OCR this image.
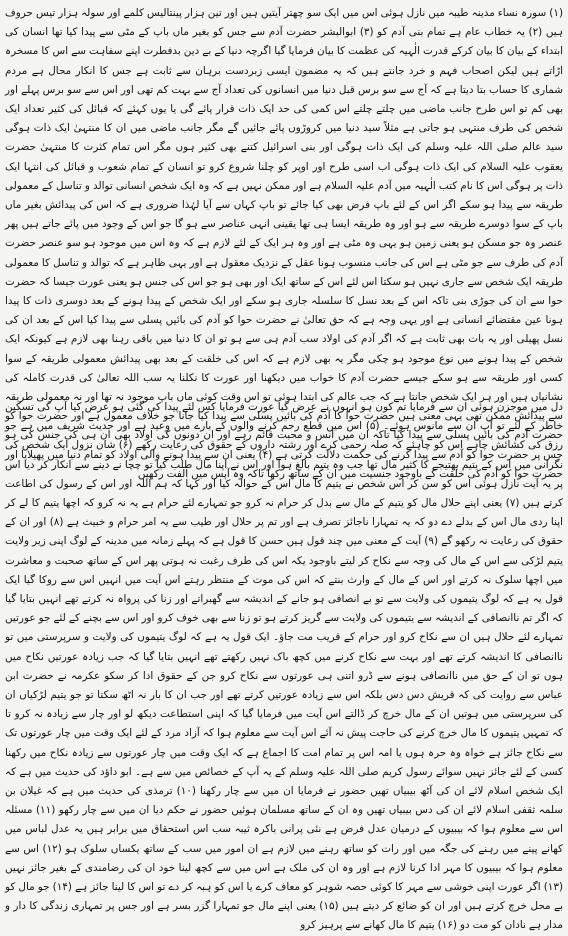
(۱) سورہ نساء مدینہ طیبہ میں نازل ہوئی اس میں ایک سو چھتر آیتیں ہیں اور تین ہزار پینتالیس کلمے اور سولہ ہزار تیس حروف ہیں (۲) یہ خطاب عام ہے تمام بنی آدم کو (۳) ابوالبشر حضرت آدم سے جس کو بغیر ماں باپ کے مٹی سے پیدا کیا تھا انسان کی ابتداء کے بیان کا بیان کرکے قدرت الٰہیہ کی عظمت کا بیان فرمایا گیا اگرچہ دنیا کے بے دین بدفطرت اپنے سفاہت سے اس کا مسخرہ اڑاتے ہیں لیکن اصحاب فہم و خرد جانتے ہیں کہ یہ مضمون ایسی زبردست برہان سے ثابت ہے جس کا انکار محال ہے مردم شماری کا حساب بتا دیتا ہے کہ آج سے سو برس قبل دنیا میں انسانوں کی تعداد آج سے بہت کم تھی اور اس سے سو برس پہلے اور بھی کم تو اس طرح جانب ماضی میں چلتے چلتے اس کمی کی حد ایک ذات قرار پائے گی یا یوں کہئے کہ قبائل کی کثیر تعداد ایک شخص کی طرف منتہی ہو جاتی ہے مثلاً سید دنیا میں کروڑوں پائے جائیں گے مگر جانب ماضی میں ان کا منتہیٰ ایک ذات ہوگی سید عالم صلی اللہ علیہ وسلم کی ایک ذات ہوگی اور بنی اسرائیل کتنے بھی کثیر ہوں مگر اس تمام کثرت کا منتہیٰ حضرت یعقوب علیہ السلام کی ایک ذات ہوگی اب اسی طرح اور اوپر کو چلنا شروع کرو تو انسان کے تمام شعوب و قبائل کی انتہا ایک ذات پر ہوگی اس کا نام کتب الٰہیہ میں آدم علیہ السلام ہے اور ممکن نہیں ہے کہ وہ ایک شخص انسانی توالد و تناسل کے معمولی طریقہ سے پیدا ہو سکے اگر اس کے لئے باپ فرض بھی کیا جائے تو باپ کہاں سے آیا لہٰذا ضروری ہے کہ اس کی پیدائش بغیر ماں باپ کے سوا دوسرے طریقہ سے ہو اور وہ طریقہ ایسا ہی تھا یقینی انہی عناصر سے ہو گا جو اس کے وجود میں پائے جاتے ہیں پھر عنصر وہ جو مسکن ہو یعنی زمین ہو یہی وہ مٹی ہے اور وہ ہر ایک کے لئے لازم ہے کہ وہ اس میں موجود ہو سو عنصر حضرت آدم کی طرف سے جو مٹی ہے اس کی جانب منسوب ہونا عقل کے نزدیک معقول ہے اور یہی ظاہر ہے کہ توالد و تناسل کا معمولی طریقہ ایک شخص سے جاری نہیں ہو سکتا اس لئے اس کے ساتھ ایک اور بھی ہو جو اس کی جنس ہو یعنی عورت جیسا کہ حضرت حوا سے ان کی جوڑی بنی تاکہ اس کے بعد نسل کا سلسلہ جاری ہو سکے اور ایک شخص کے پیدا ہونے کے بعد دوسری ذات کا پیدا ہونا عین مقتضائے انسانی ہے اور یہی وجہ ہے کہ حق تعالیٰ نے حضرت حوا کو آدم کی بائیں پسلی سے پیدا کیا اس کے بعد ان کی نسل پھیلی اور یہ بات بھی ثابت ہے کہ اگر آدم کی اولاد سب آدم ہی سے ہو تو ان کا دنیا میں باقی رہنا بھی لازم ہے کیونکہ ایک شخص کے پیدا ہونے میں نوع موجود ہو چکی مگر یہ بھی لازم ہے کہ اس کی خلقت کے بعد بھی پیدائش معمولی طریقہ کے سوا کسی اور طریقہ سے ہو سکے جیسے حضرت آدم کا خواب میں دیکھنا اور عورت کا نکلنا یہ سب اللہ تعالیٰ کی قدرت کاملہ کی نشانیاں ہیں اور ہر ایک شخص جانتا ہے کہ جب عالم کی ابتدا ہوئی تو اس وقت کوئی ماں باپ موجود نہ تھا اور نہ معمولی طریقہ سے پیدائش ممکن تھی یہی معنی ہیں حضرت حوا کا آدم کی بائیں پسلی سے پیدا کیا جانا جو خلاف معمول ہے اور حضرت حوا کو حضرت آدم کی بائیں پسلی سے پیدا کیا تاکہ ان میں انس و محبت قائم رہے اور ان دونوں کی اولاد بھی ان ہی کی جنس کی ہو جس پر حضرت حوا کو آدم سے پیدا کرنے کی حکمت دلالت کرتی ہے (۴) یعنی ان سے پیدا ہونے والی اولاد کو تمام دنیا میں پھیلایا اور حضرت حوا کو آدم کی خلقت کے باوجود جنسیت میں ان کے ساتھ رکھا تاکہ وہ آپس میں الفت رکھیں
دل میں موجزن ہوئی ان سے فرمایا تم کون ہو انہوں نے عرض کیا عورت فرمایا کس لئے پیدا کی گئی ہو عرض کیا آپ کی تسکین خاطر کے لئے تو آپ ان سے مانوس ہوئے۔ (۵) اس میں قطع رحم کرنے والوں کے بارے میں وعید ہے اور حدیث شریف میں ہے جو رزق کی کشائش چاہے اس کو چاہئے کہ صلہ رحمی کرے اور رشتہ داروں کے حقوق کی رعایت رکھے (۶) شان نزول ایک شخص کی نگرانی میں اس کے یتیم بھتیجے کا کثیر مال تھا جب وہ یتیم بالغ ہوا اور اس نے اپنا مال طلب کیا تو چچا نے دینے سے انکار کر دیا اس پر یہ آیت نازل ہوئی اس کو سن کر اس شخص نے یتیم کا مال اس کے حوالہ کیا اور کہا کہ ہم اللہ اور اس کے رسول کی اطاعت کرتے ہیں (۷) یعنی اپنے حلال مال کو یتیم کے مال سے بدل کر حرام نہ کرو جو تمہارے لئے حرام ہے یہ نہ کرو کہ اچھا یتیم کا لے کر اپنا ردی مال اس کے بدلے دے دو کہ یہ تمہارا ناجائز تصرف ہے اور تم پر حلال اور طیب سے یہ امر حرام و خبیث ہے (۸) اور ان کے حقوق کی رعایت نہ رکھو گے (۹) آیت کے معنی میں چند قول ہیں حسن کا قول ہے کہ پہلے زمانہ میں مدینہ کے لوگ اپنی زیر ولایت یتیم لڑکی سے اس کے مال کی وجہ سے نکاح کر لیتے باوجود یکہ اس کی طرف رغبت نہ ہوتی پھر اس کے ساتھ صحبت و معاشرت میں اچھا سلوک نہ کرتے اور اس کے مال کے وارث بنتے کہ اس کی موت کے منتظر رہتے اس آیت میں انہیں اس سے روکا گیا ایک قول یہ ہے کہ لوگ یتیموں کی ولایت سے تو بے انصافی ہو جانے کے اندیشہ سے گھبراتے اور زنا کی پرواہ نہ کرتے تھے انہیں بتایا گیا کہ اگر تم ناانصافی کے اندیشہ سے یتیموں کی ولایت سے گریز کرتے ہو تو زنا سے بھی خوف کرو اور اس سے بچنے کے لئے جو عورتیں تمہارے لئے حلال ہیں ان سے نکاح کرو اور حرام کے قریب مت جاؤ۔ ایک قول یہ ہے کہ لوگ یتیموں کی ولایت و سرپرستی میں تو ناانصافی کا اندیشہ کرتے تھے اور بہت سے نکاح کرنے میں کچھ باک نہیں رکھتے تھے انہیں بتایا گیا کہ جب زیادہ عورتیں نکاح میں ہوں تو ان کے حق میں ناانصافی ہونے سے ڈرو اتنی ہی عورتوں سے نکاح کرو جن کے حقوق ادا کر سکو عکرمہ نے حضرت ابن عباس سے روایت کی کہ قریش دس دس بلکہ اس سے زیادہ عورتیں کرتے تھے اور جب ان کا بار نہ اٹھ سکتا تو جو یتیم لڑکیاں ان کی سرپرستی میں ہوتیں ان کے مال خرچ کر ڈالتے اس آیت میں فرمایا گیا کہ اپنی استطاعت دیکھ لو اور چار سے زیادہ نہ کرو تا کہ تمہیں یتیموں کا مال خرچ کرنے کی حاجت پیش نہ آئے اس آیت سے معلوم ہوا کہ آزاد مرد کے لئے ایک وقت میں چار عورتوں تک سے نکاح جائز ہے خواہ وہ حرہ ہوں یا امہ اس پر تمام امت کا اجماع ہے کہ ایک وقت میں چار عورتوں سے زیادہ نکاح میں رکھنا کسی کے لئے جائز نہیں سوائے رسول کریم صلی اللہ علیہ وسلم کے یہ آپ کے خصائص میں سے ہے۔ ابو داؤد کی حدیث میں ہے کہ ایک شخص اسلام لائے ان کی آٹھ بیبیاں تھیں حضور نے فرمایا ان میں سے چار رکھنا (۱۰) ترمذی کی حدیث میں ہے کہ غیلان بن سلمہ ثقفی اسلام لائے ان کی دس بیبیاں تھیں وہ ان کے ساتھ مسلمان ہوئیں حضور نے حکم دیا ان میں سے چار رکھو (۱۱) مسئلہ اس سے معلوم ہوا کہ بیبیوں کے درمیان عدل فرض ہے نئی پرانی باکرہ ثیبہ سب اس استحقاق میں برابر ہیں یہ عدل لباس میں کھانے پینے میں رہنے کی جگہ میں اور رات کو ساتھ رہنے میں لازم ہے ان امور میں سب کے ساتھ یکساں سلوک ہو (۱۲) اس سے معلوم ہوا کہ بیبیوں کا مہر ادا کرنا لازم ہے اور وہ ان کی ملک ہے اس میں سے کچھ لینا خود ان کی رضامندی کے بغیر جائز نہیں (۱۳) اگر عورت اپنی خوشی سے مہر کا کوئی حصہ شوہر کو معاف کرے یا اس کو ہبہ کر دے تو اس کا لینا جائز ہے (۱۴) جو مال کو بے محل خرچ کرتے ہیں اور ان کو ضائع کر دیتے ہیں (۱۵) یعنی اپنے مال جو تمہارا گزر بسر ہے اور جس پر تمہاری زندگی کا دار و مدار ہے نادان کو مت دو (۱۶) یتیم کا مال کھانے سے پرہیز کرو
